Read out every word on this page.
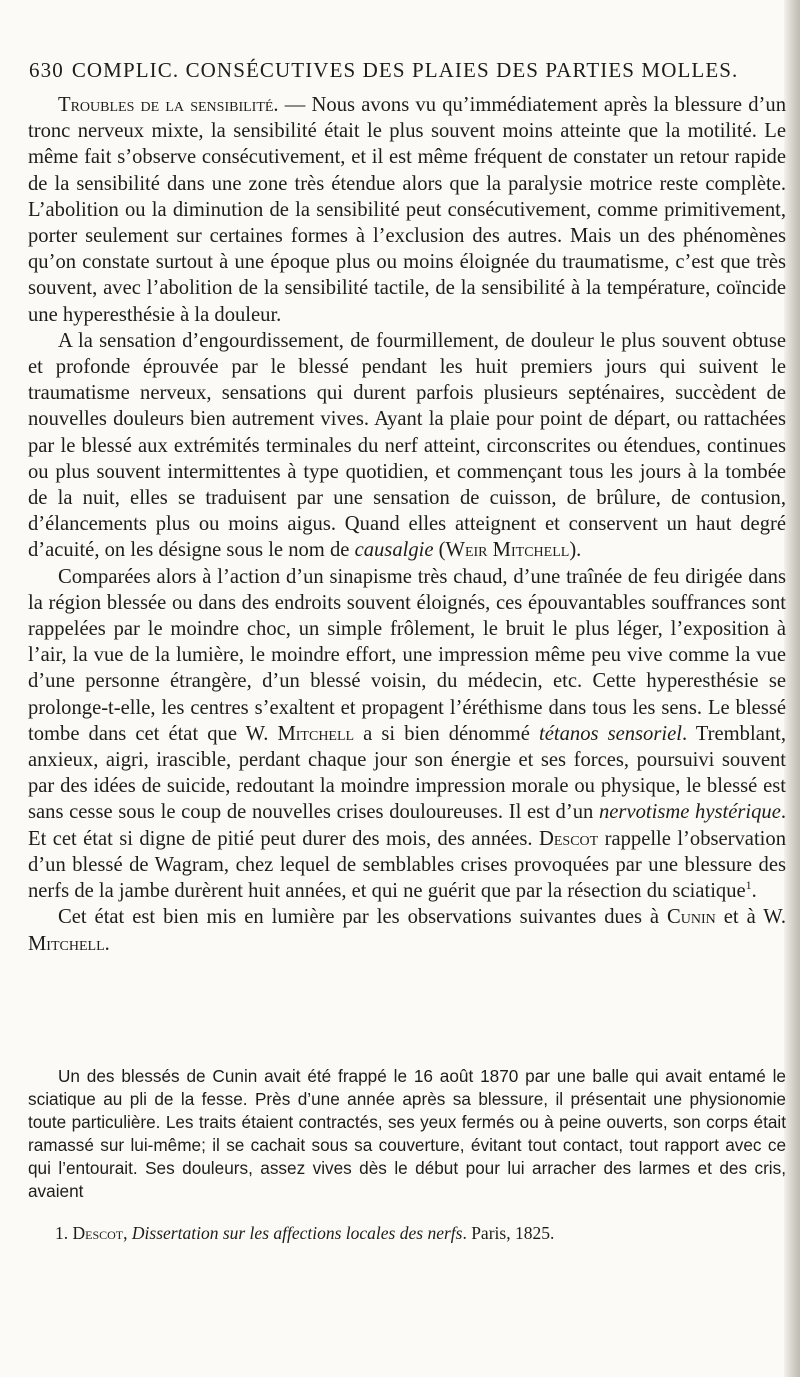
630 COMPLIC. CONSÉCUTIVES DES PLAIES DES PARTIES MOLLES.

Troubles de la sensibilité. — Nous avons vu qu’immédiatement après la blessure d’un tronc nerveux mixte, la sensibilité était le plus souvent moins atteinte que la motilité. Le même fait s’observe consécutivement, et il est même fréquent de constater un retour rapide de la sensibilité dans une zone très étendue alors que la paralysie motrice reste complète. L’abolition ou la diminution de la sensibilité peut consécutivement, comme primitivement, porter seulement sur certaines formes à l’exclusion des autres. Mais un des phénomènes qu’on constate surtout à une époque plus ou moins éloignée du traumatisme, c’est que très souvent, avec l’abolition de la sensibilité tactile, de la sensibilité à la température, coïncide une hyperesthésie à la douleur.

A la sensation d’engourdissement, de fourmillement, de douleur le plus souvent obtuse et profonde éprouvée par le blessé pendant les huit premiers jours qui suivent le traumatisme nerveux, sensations qui durent parfois plusieurs septénaires, succèdent de nouvelles douleurs bien autrement vives. Ayant la plaie pour point de départ, ou rattachées par le blessé aux extrémités terminales du nerf atteint, circonscrites ou étendues, continues ou plus souvent intermittentes à type quotidien, et commençant tous les jours à la tombée de la nuit, elles se traduisent par une sensation de cuisson, de brûlure, de contusion, d’élancements plus ou moins aigus. Quand elles atteignent et conservent un haut degré d’acuité, on les désigne sous le nom de causalgie (Weir Mitchell).

Comparées alors à l’action d’un sinapisme très chaud, d’une traînée de feu dirigée dans la région blessée ou dans des endroits souvent éloignés, ces épouvantables souffrances sont rappelées par le moindre choc, un simple frôlement, le bruit le plus léger, l’exposition à l’air, la vue de la lumière, le moindre effort, une impression même peu vive comme la vue d’une personne étrangère, d’un blessé voisin, du médecin, etc. Cette hyperesthésie se prolonge-t-elle, les centres s’exaltent et propagent l’éréthisme dans tous les sens. Le blessé tombe dans cet état que W. Mitchell a si bien dénommé tétanos sensoriel. Tremblant, anxieux, aigri, irascible, perdant chaque jour son énergie et ses forces, poursuivi souvent par des idées de suicide, redoutant la moindre impression morale ou physique, le blessé est sans cesse sous le coup de nouvelles crises douloureuses. Il est d’un nervotisme hystérique. Et cet état si digne de pitié peut durer des mois, des années. Descot rappelle l’observation d’un blessé de Wagram, chez lequel de semblables crises provoquées par une blessure des nerfs de la jambe durèrent huit années, et qui ne guérit que par la résection du sciatique$^1$.

Cet état est bien mis en lumière par les observations suivantes dues à Cunin et à W. Mitchell.

Un des blessés de Cunin avait été frappé le 16 août 1870 par une balle qui avait entamé le sciatique au pli de la fesse. Près d’une année après sa blessure, il présentait une physionomie toute particulière. Les traits étaient contractés, ses yeux fermés ou à peine ouverts, son corps était ramassé sur lui-même; il se cachait sous sa couverture, évitant tout contact, tout rapport avec ce qui l’entourait. Ses douleurs, assez vives dès le début pour lui arracher des larmes et des cris, avaient

1. Descot, Dissertation sur les affections locales des nerfs. Paris, 1825.
